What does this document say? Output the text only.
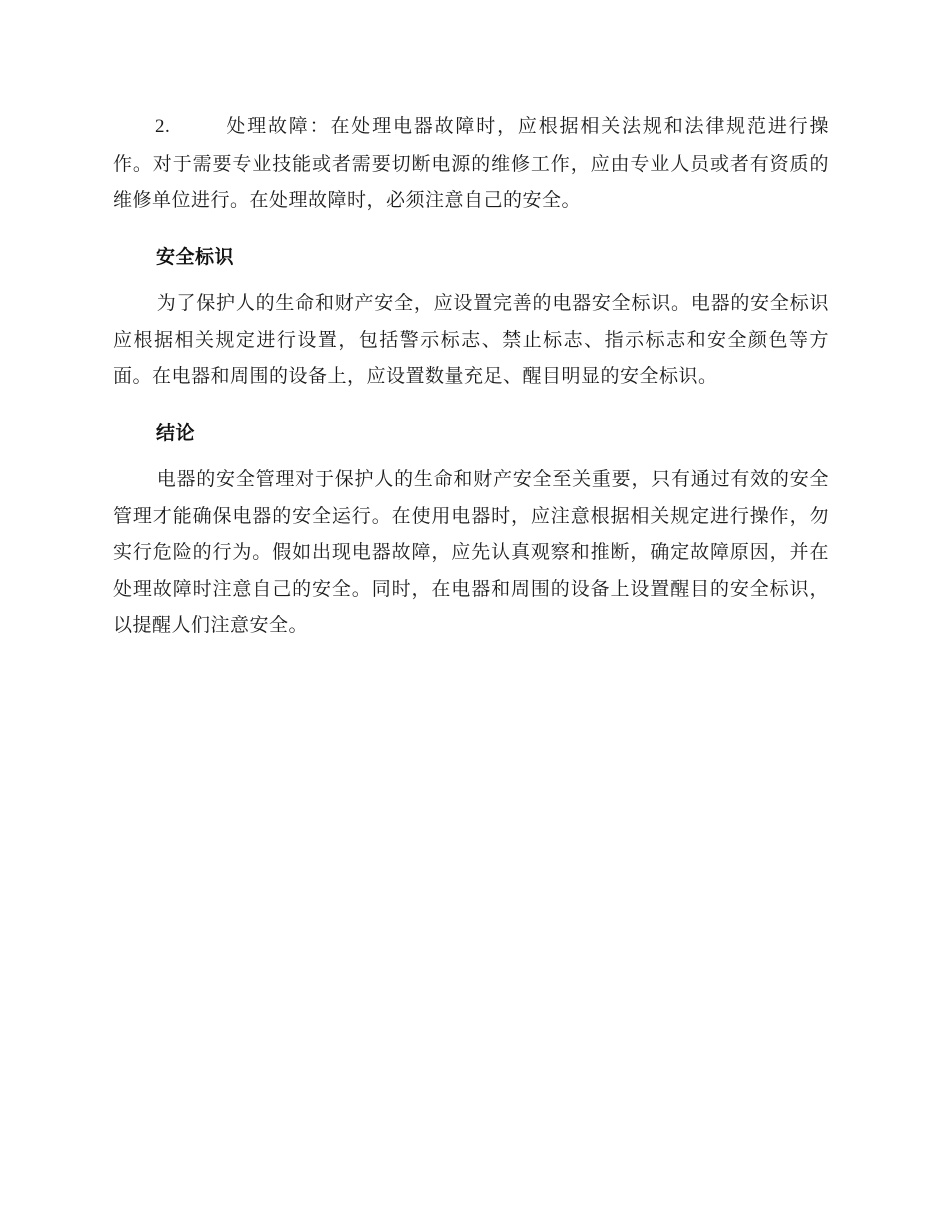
2.	处理故障：在处理电器故障时，应根据相关法规和法律规范进行操作。对于需要专业技能或者需要切断电源的维修工作，应由专业人员或者有资质的维修单位进行。在处理故障时，必须注意自己的安全。

安全标识

为了保护人的生命和财产安全，应设置完善的电器安全标识。电器的安全标识应根据相关规定进行设置，包括警示标志、禁止标志、指示标志和安全颜色等方面。在电器和周围的设备上，应设置数量充足、醒目明显的安全标识。

结论

电器的安全管理对于保护人的生命和财产安全至关重要，只有通过有效的安全管理才能确保电器的安全运行。在使用电器时，应注意根据相关规定进行操作，勿实行危险的行为。假如出现电器故障，应先认真观察和推断，确定故障原因，并在处理故障时注意自己的安全。同时，在电器和周围的设备上设置醒目的安全标识，以提醒人们注意安全。
